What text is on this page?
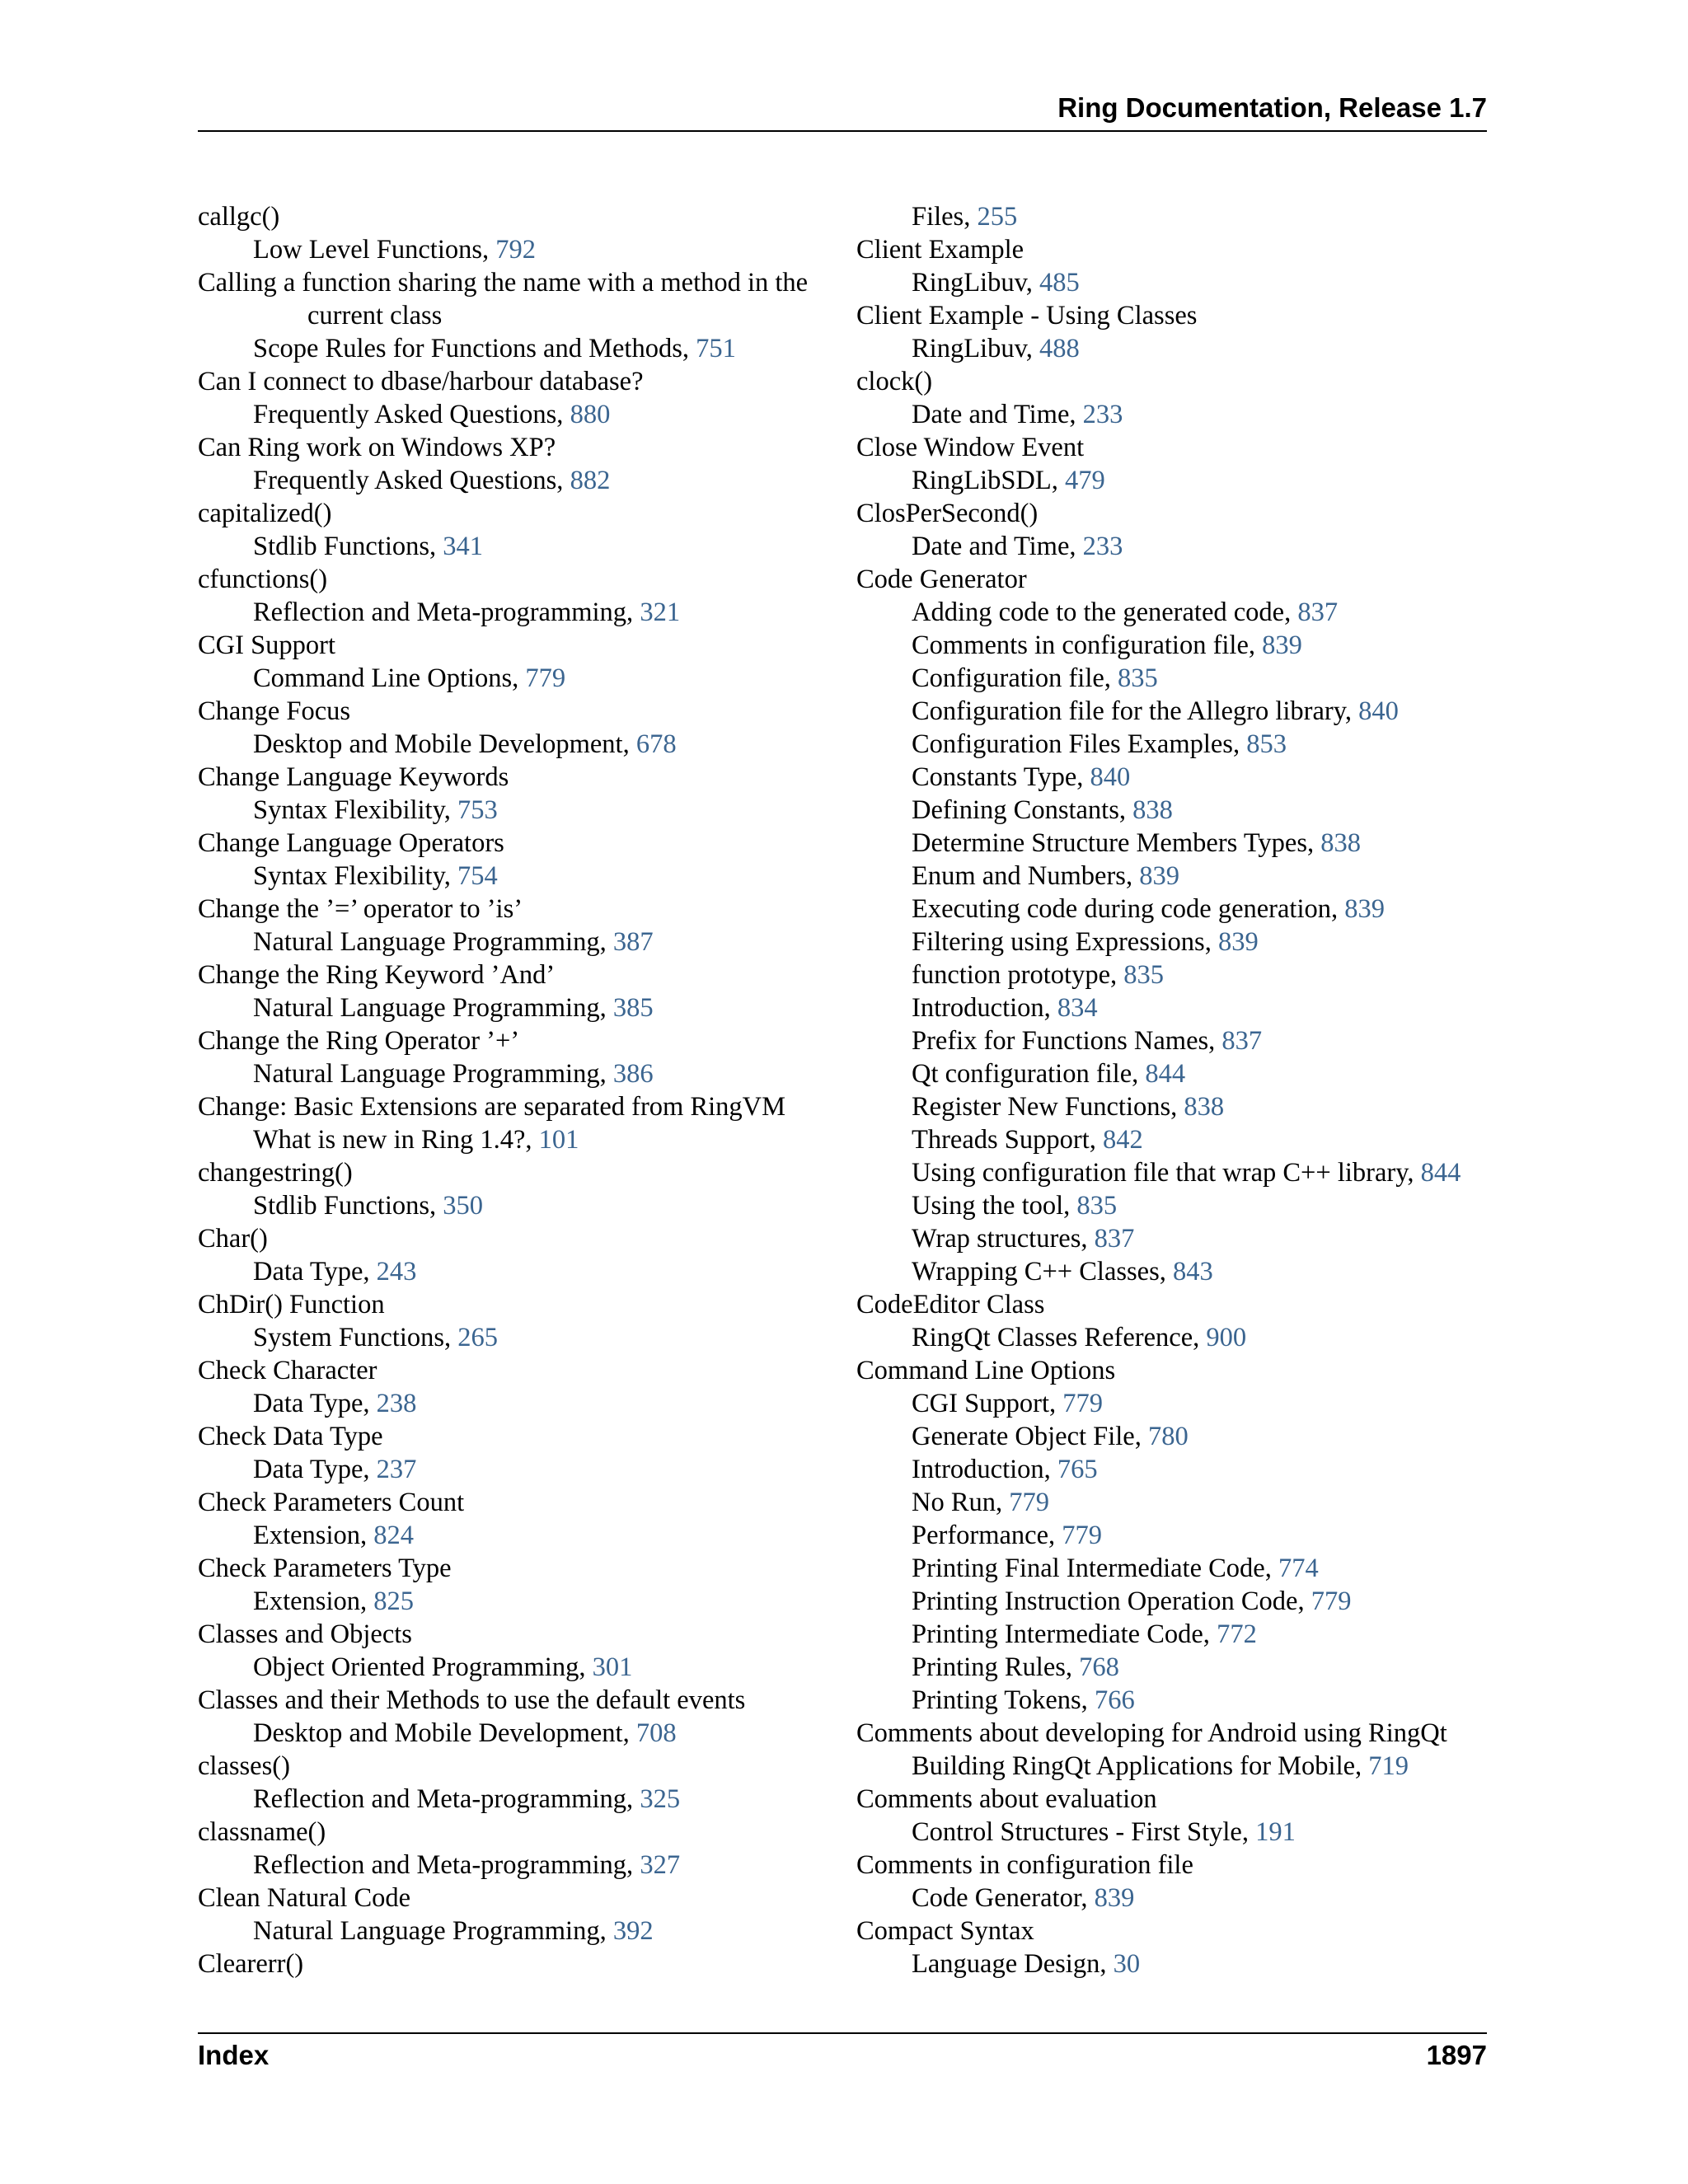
Ring Documentation, Release 1.7
callgc()
Low Level Functions, 792
Calling a function sharing the name with a method in the
current class
Scope Rules for Functions and Methods, 751
Can I connect to dbase/harbour database?
Frequently Asked Questions, 880
Can Ring work on Windows XP?
Frequently Asked Questions, 882
capitalized()
Stdlib Functions, 341
cfunctions()
Reflection and Meta-programming, 321
CGI Support
Command Line Options, 779
Change Focus
Desktop and Mobile Development, 678
Change Language Keywords
Syntax Flexibility, 753
Change Language Operators
Syntax Flexibility, 754
Change the ’=’ operator to ’is’
Natural Language Programming, 387
Change the Ring Keyword ’And’
Natural Language Programming, 385
Change the Ring Operator ’+’
Natural Language Programming, 386
Change: Basic Extensions are separated from RingVM
What is new in Ring 1.4?, 101
changestring()
Stdlib Functions, 350
Char()
Data Type, 243
ChDir() Function
System Functions, 265
Check Character
Data Type, 238
Check Data Type
Data Type, 237
Check Parameters Count
Extension, 824
Check Parameters Type
Extension, 825
Classes and Objects
Object Oriented Programming, 301
Classes and their Methods to use the default events
Desktop and Mobile Development, 708
classes()
Reflection and Meta-programming, 325
classname()
Reflection and Meta-programming, 327
Clean Natural Code
Natural Language Programming, 392
Clearerr()
Files, 255
Client Example
RingLibuv, 485
Client Example - Using Classes
RingLibuv, 488
clock()
Date and Time, 233
Close Window Event
RingLibSDL, 479
ClosPerSecond()
Date and Time, 233
Code Generator
Adding code to the generated code, 837
Comments in configuration file, 839
Configuration file, 835
Configuration file for the Allegro library, 840
Configuration Files Examples, 853
Constants Type, 840
Defining Constants, 838
Determine Structure Members Types, 838
Enum and Numbers, 839
Executing code during code generation, 839
Filtering using Expressions, 839
function prototype, 835
Introduction, 834
Prefix for Functions Names, 837
Qt configuration file, 844
Register New Functions, 838
Threads Support, 842
Using configuration file that wrap C++ library, 844
Using the tool, 835
Wrap structures, 837
Wrapping C++ Classes, 843
CodeEditor Class
RingQt Classes Reference, 900
Command Line Options
CGI Support, 779
Generate Object File, 780
Introduction, 765
No Run, 779
Performance, 779
Printing Final Intermediate Code, 774
Printing Instruction Operation Code, 779
Printing Intermediate Code, 772
Printing Rules, 768
Printing Tokens, 766
Comments about developing for Android using RingQt
Building RingQt Applications for Mobile, 719
Comments about evaluation
Control Structures - First Style, 191
Comments in configuration file
Code Generator, 839
Compact Syntax
Language Design, 30
Index	1897
